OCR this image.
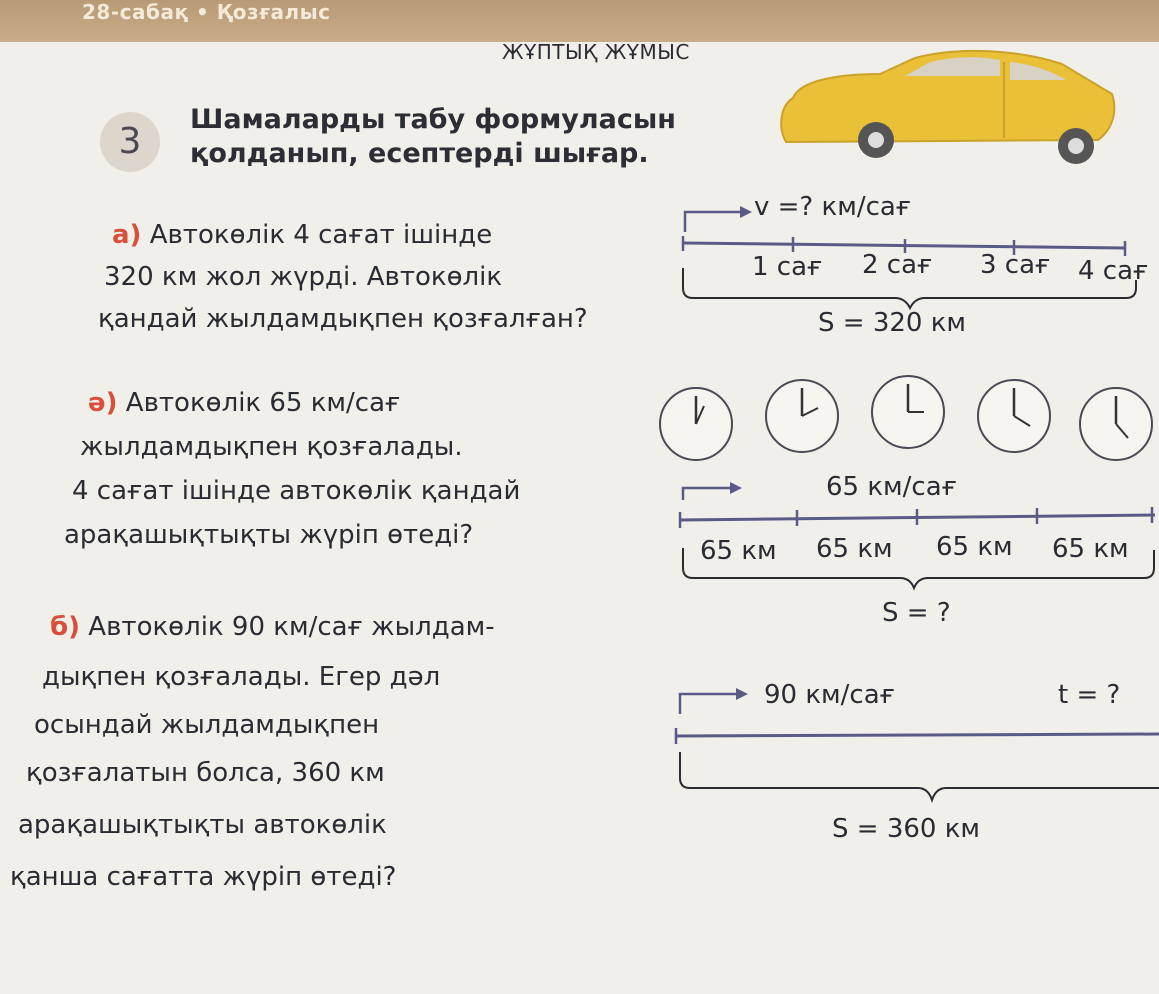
28-сабақ • Қозғалыс
ЖҰПТЫҚ ЖҰМЫС
3
Шамаларды табу формуласын
қолданып, есептерді шығар.
а) Автокөлік 4 сағат ішінде
320 км жол жүрді. Автокөлік
қандай жылдамдықпен қозғалған?
v =? км/сағ
1 сағ 2 сағ 3 сағ 4 сағ
S = 320 км
ә) Автокөлік 65 км/сағ
жылдамдықпен қозғалады.
4 сағат ішінде автокөлік қандай
арақашықтықты жүріп өтеді?
65 км/сағ
65 км 65 км 65 км 65 км
S = ?
б) Автокөлік 90 км/сағ жылдам-
дықпен қозғалады. Егер дәл
осындай жылдамдықпен
қозғалатын болса, 360 км
арақашықтықты автокөлік
қанша сағатта жүріп өтеді?
90 км/сағ	t = ?
S = 360 км
